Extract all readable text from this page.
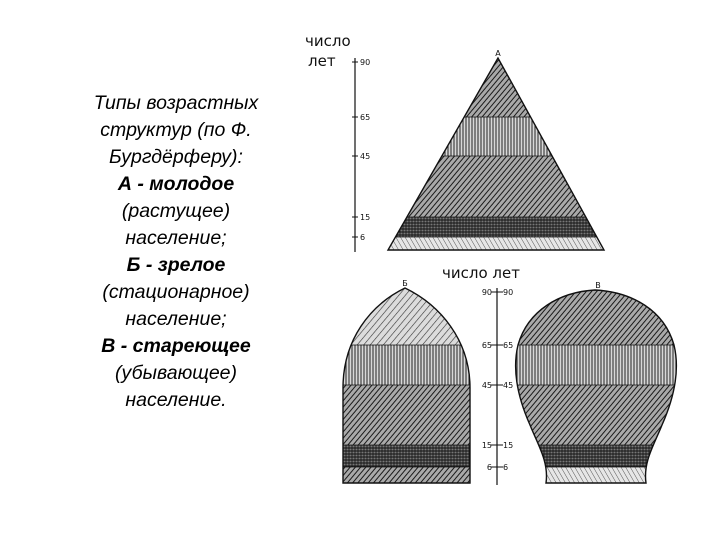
Типы возрастных
структур (по Ф.
Бургдёрферу):
А - молодое
(растущее)
население;
Б - зрелое
(стационарное)
население;
В - стареющее
(убывающее)
население.
А
число
лет	90
65
45
15
6
Б	В
число лет
90
65
45
15
6
90
65
45
15
6
